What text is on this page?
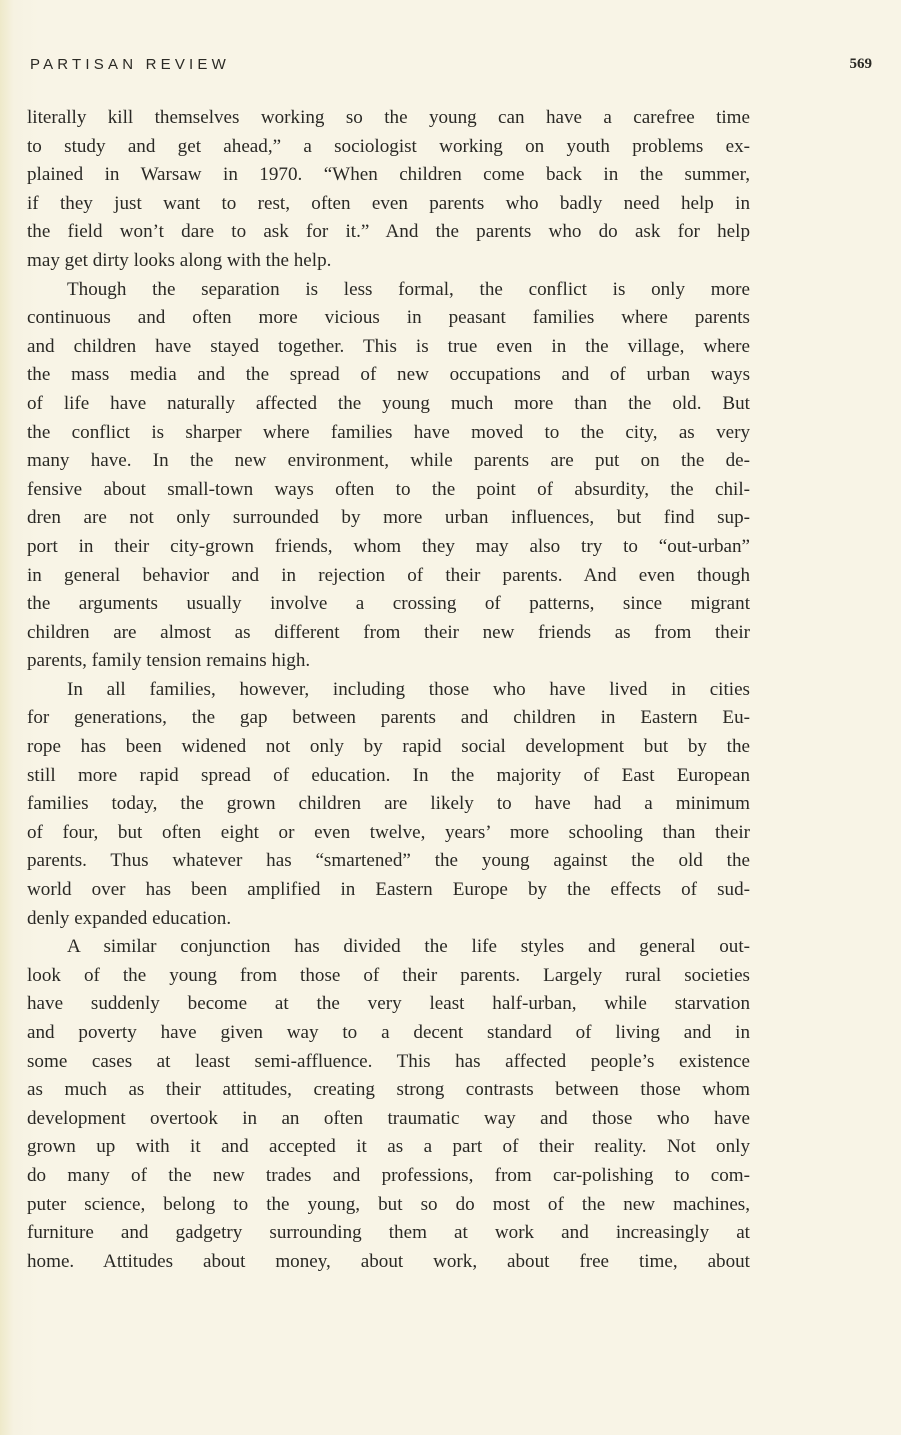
PARTISAN REVIEW	569
literally kill themselves working so the young can have a carefree time
to study and get ahead,” a sociologist working on youth problems ex-
plained in Warsaw in 1970. “When children come back in the summer,
if they just want to rest, often even parents who badly need help in
the field won’t dare to ask for it.” And the parents who do ask for help
may get dirty looks along with the help.
Though the separation is less formal, the conflict is only more
continuous and often more vicious in peasant families where parents
and children have stayed together. This is true even in the village, where
the mass media and the spread of new occupations and of urban ways
of life have naturally affected the young much more than the old. But
the conflict is sharper where families have moved to the city, as very
many have. In the new environment, while parents are put on the de-
fensive about small-town ways often to the point of absurdity, the chil-
dren are not only surrounded by more urban influences, but find sup-
port in their city-grown friends, whom they may also try to “out-urban”
in general behavior and in rejection of their parents. And even though
the arguments usually involve a crossing of patterns, since migrant
children are almost as different from their new friends as from their
parents, family tension remains high.
In all families, however, including those who have lived in cities
for generations, the gap between parents and children in Eastern Eu-
rope has been widened not only by rapid social development but by the
still more rapid spread of education. In the majority of East European
families today, the grown children are likely to have had a minimum
of four, but often eight or even twelve, years’ more schooling than their
parents. Thus whatever has “smartened” the young against the old the
world over has been amplified in Eastern Europe by the effects of sud-
denly expanded education.
A similar conjunction has divided the life styles and general out-
look of the young from those of their parents. Largely rural societies
have suddenly become at the very least half-urban, while starvation
and poverty have given way to a decent standard of living and in
some cases at least semi-affluence. This has affected people’s existence
as much as their attitudes, creating strong contrasts between those whom
development overtook in an often traumatic way and those who have
grown up with it and accepted it as a part of their reality. Not only
do many of the new trades and professions, from car-polishing to com-
puter science, belong to the young, but so do most of the new machines,
furniture and gadgetry surrounding them at work and increasingly at
home. Attitudes about money, about work, about free time, about
